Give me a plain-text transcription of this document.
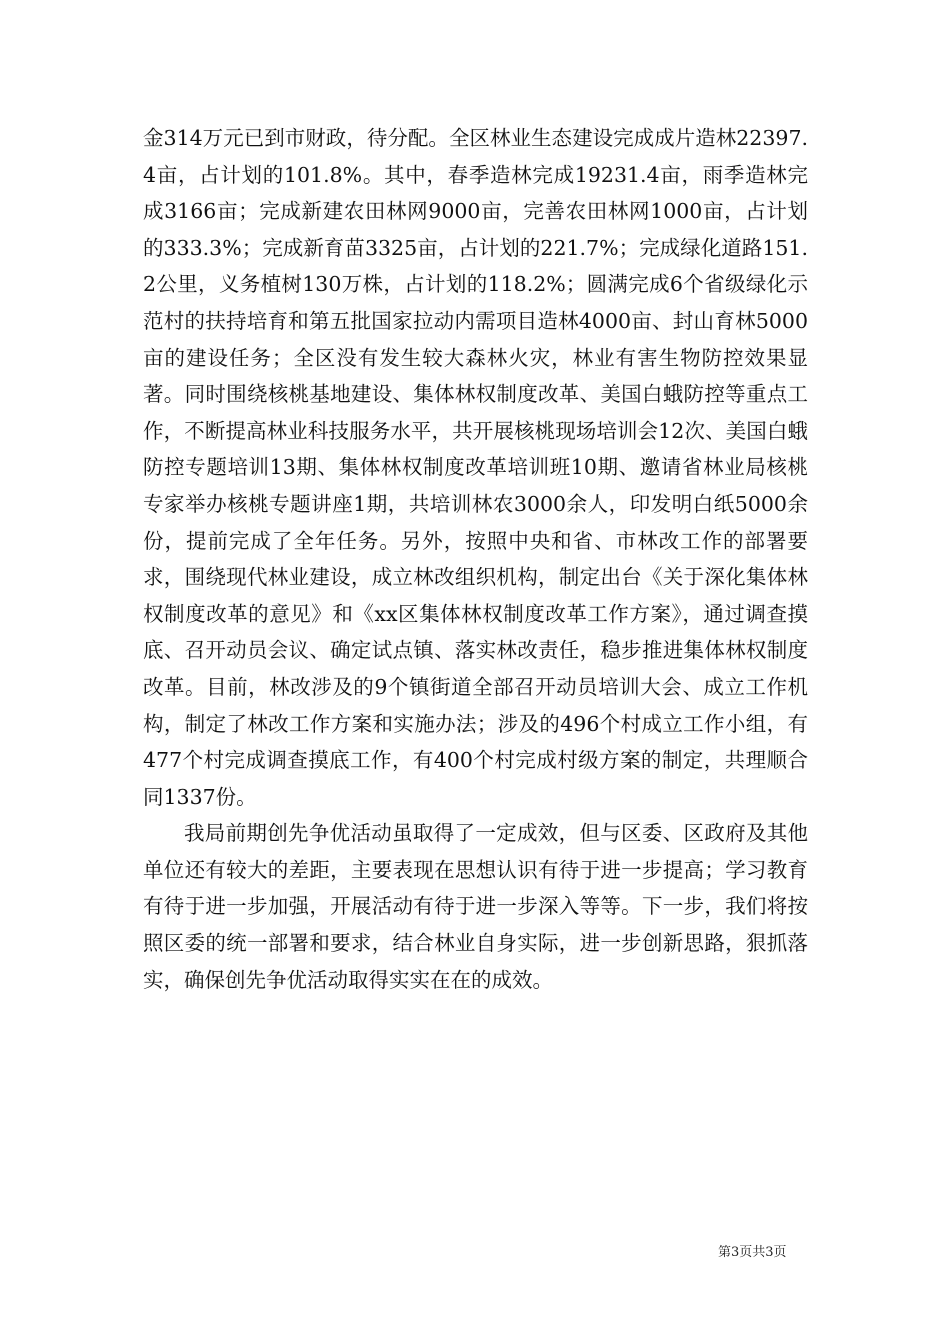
金314万元已到市财政，待分配。全区林业生态建设完成成片造林22397.4亩，占计划的101.8%。其中，春季造林完成19231.4亩，雨季造林完成3166亩；完成新建农田林网9000亩，完善农田林网1000亩，占计划的333.3%；完成新育苗3325亩，占计划的221.7%；完成绿化道路151.2公里，义务植树130万株，占计划的118.2%；圆满完成6个省级绿化示范村的扶持培育和第五批国家拉动内需项目造林4000亩、封山育林5000亩的建设任务；全区没有发生较大森林火灾，林业有害生物防控效果显著。同时围绕核桃基地建设、集体林权制度改革、美国白蛾防控等重点工作，不断提高林业科技服务水平，共开展核桃现场培训会12次、美国白蛾防控专题培训13期、集体林权制度改革培训班10期、邀请省林业局核桃专家举办核桃专题讲座1期，共培训林农3000余人，印发明白纸5000余份，提前完成了全年任务。另外，按照中央和省、市林改工作的部署要求，围绕现代林业建设，成立林改组织机构，制定出台《关于深化集体林权制度改革的意见》和《xx区集体林权制度改革工作方案》，通过调查摸底、召开动员会议、确定试点镇、落实林改责任，稳步推进集体林权制度改革。目前，林改涉及的9个镇街道全部召开动员培训大会、成立工作机构，制定了林改工作方案和实施办法；涉及的496个村成立工作小组，有477个村完成调查摸底工作，有400个村完成村级方案的制定，共理顺合同1337份。

我局前期创先争优活动虽取得了一定成效，但与区委、区政府及其他单位还有较大的差距，主要表现在思想认识有待于进一步提高；学习教育有待于进一步加强，开展活动有待于进一步深入等等。下一步，我们将按照区委的统一部署和要求，结合林业自身实际，进一步创新思路，狠抓落实，确保创先争优活动取得实实在在的成效。

第3页共3页
